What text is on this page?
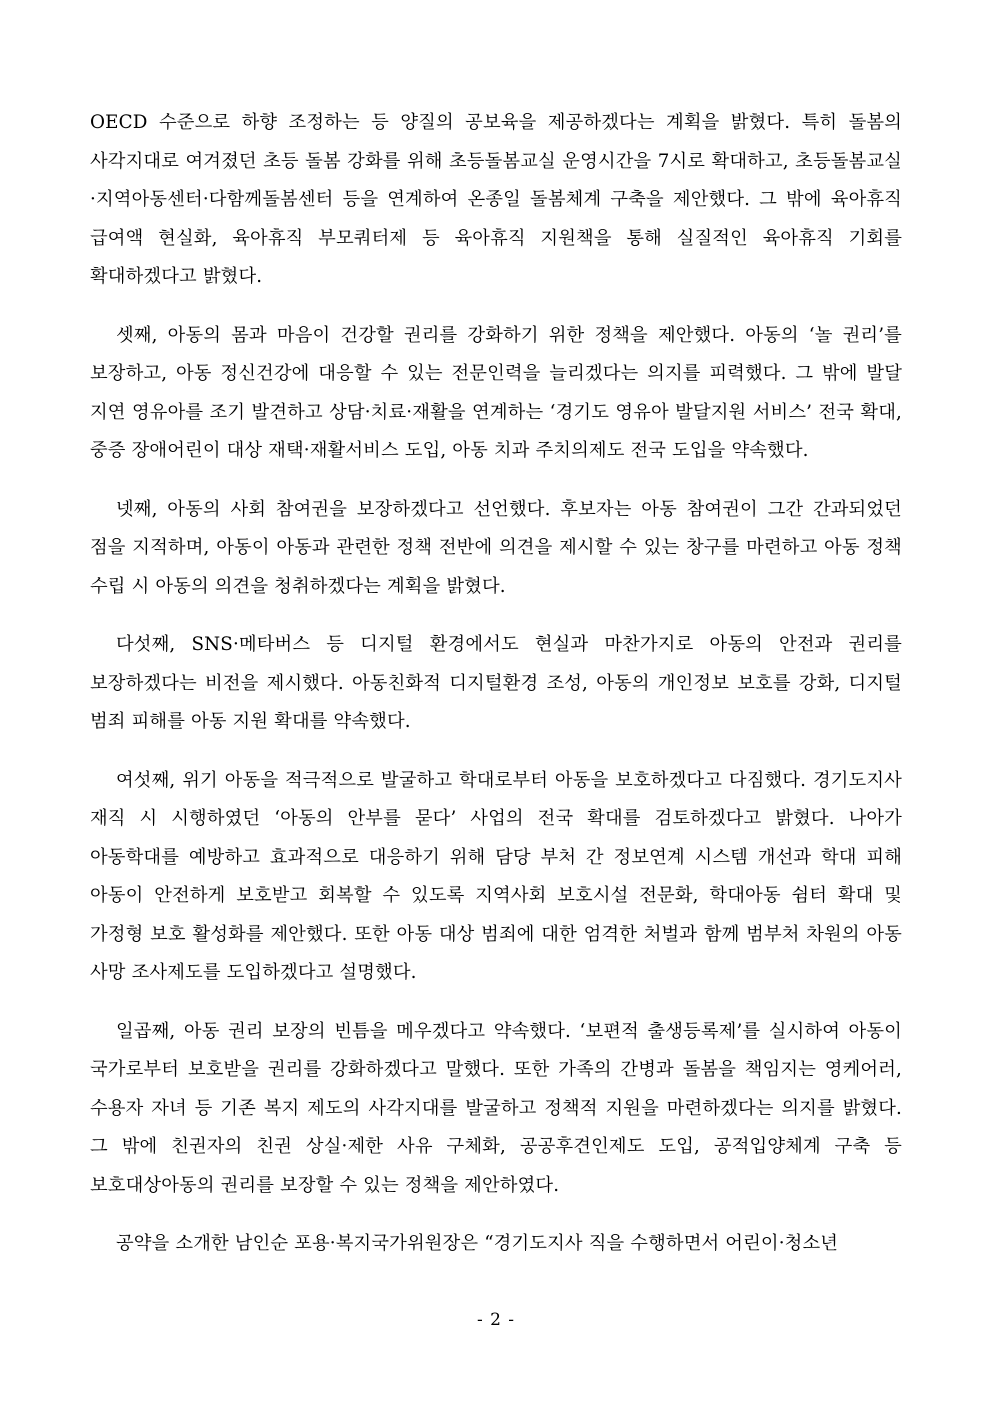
OECD 수준으로 하향 조정하는 등 양질의 공보육을 제공하겠다는 계획을 밝혔다. 특히 돌봄의 사각지대로 여겨졌던 초등 돌봄 강화를 위해 초등돌봄교실 운영시간을 7시로 확대하고, 초등돌봄교실·지역아동센터·다함께돌봄센터 등을 연계하여 온종일 돌봄체계 구축을 제안했다. 그 밖에 육아휴직 급여액 현실화, 육아휴직 부모쿼터제 등 육아휴직 지원책을 통해 실질적인 육아휴직 기회를 확대하겠다고 밝혔다.

셋째, 아동의 몸과 마음이 건강할 권리를 강화하기 위한 정책을 제안했다. 아동의 ‘놀 권리’를 보장하고, 아동 정신건강에 대응할 수 있는 전문인력을 늘리겠다는 의지를 피력했다. 그 밖에 발달 지연 영유아를 조기 발견하고 상담·치료·재활을 연계하는 ‘경기도 영유아 발달지원 서비스’ 전국 확대, 중증 장애어린이 대상 재택·재활서비스 도입, 아동 치과 주치의제도 전국 도입을 약속했다.

넷째, 아동의 사회 참여권을 보장하겠다고 선언했다. 후보자는 아동 참여권이 그간 간과되었던 점을 지적하며, 아동이 아동과 관련한 정책 전반에 의견을 제시할 수 있는 창구를 마련하고 아동 정책 수립 시 아동의 의견을 청취하겠다는 계획을 밝혔다.

다섯째, SNS·메타버스 등 디지털 환경에서도 현실과 마찬가지로 아동의 안전과 권리를 보장하겠다는 비전을 제시했다. 아동친화적 디지털환경 조성, 아동의 개인정보 보호를 강화, 디지털 범죄 피해를 아동 지원 확대를 약속했다.

여섯째, 위기 아동을 적극적으로 발굴하고 학대로부터 아동을 보호하겠다고 다짐했다. 경기도지사 재직 시 시행하였던 ‘아동의 안부를 묻다’ 사업의 전국 확대를 검토하겠다고 밝혔다. 나아가 아동학대를 예방하고 효과적으로 대응하기 위해 담당 부처 간 정보연계 시스템 개선과 학대 피해 아동이 안전하게 보호받고 회복할 수 있도록 지역사회 보호시설 전문화, 학대아동 쉼터 확대 및 가정형 보호 활성화를 제안했다. 또한 아동 대상 범죄에 대한 엄격한 처벌과 함께 범부처 차원의 아동 사망 조사제도를 도입하겠다고 설명했다.

일곱째, 아동 권리 보장의 빈틈을 메우겠다고 약속했다. ‘보편적 출생등록제’를 실시하여 아동이 국가로부터 보호받을 권리를 강화하겠다고 말했다. 또한 가족의 간병과 돌봄을 책임지는 영케어러, 수용자 자녀 등 기존 복지 제도의 사각지대를 발굴하고 정책적 지원을 마련하겠다는 의지를 밝혔다. 그 밖에 친권자의 친권 상실·제한 사유 구체화, 공공후견인제도 도입, 공적입양체계 구축 등 보호대상아동의 권리를 보장할 수 있는 정책을 제안하였다.

공약을 소개한 남인순 포용·복지국가위원장은 “경기도지사 직을 수행하면서 어린이·청소년

- 2 -
